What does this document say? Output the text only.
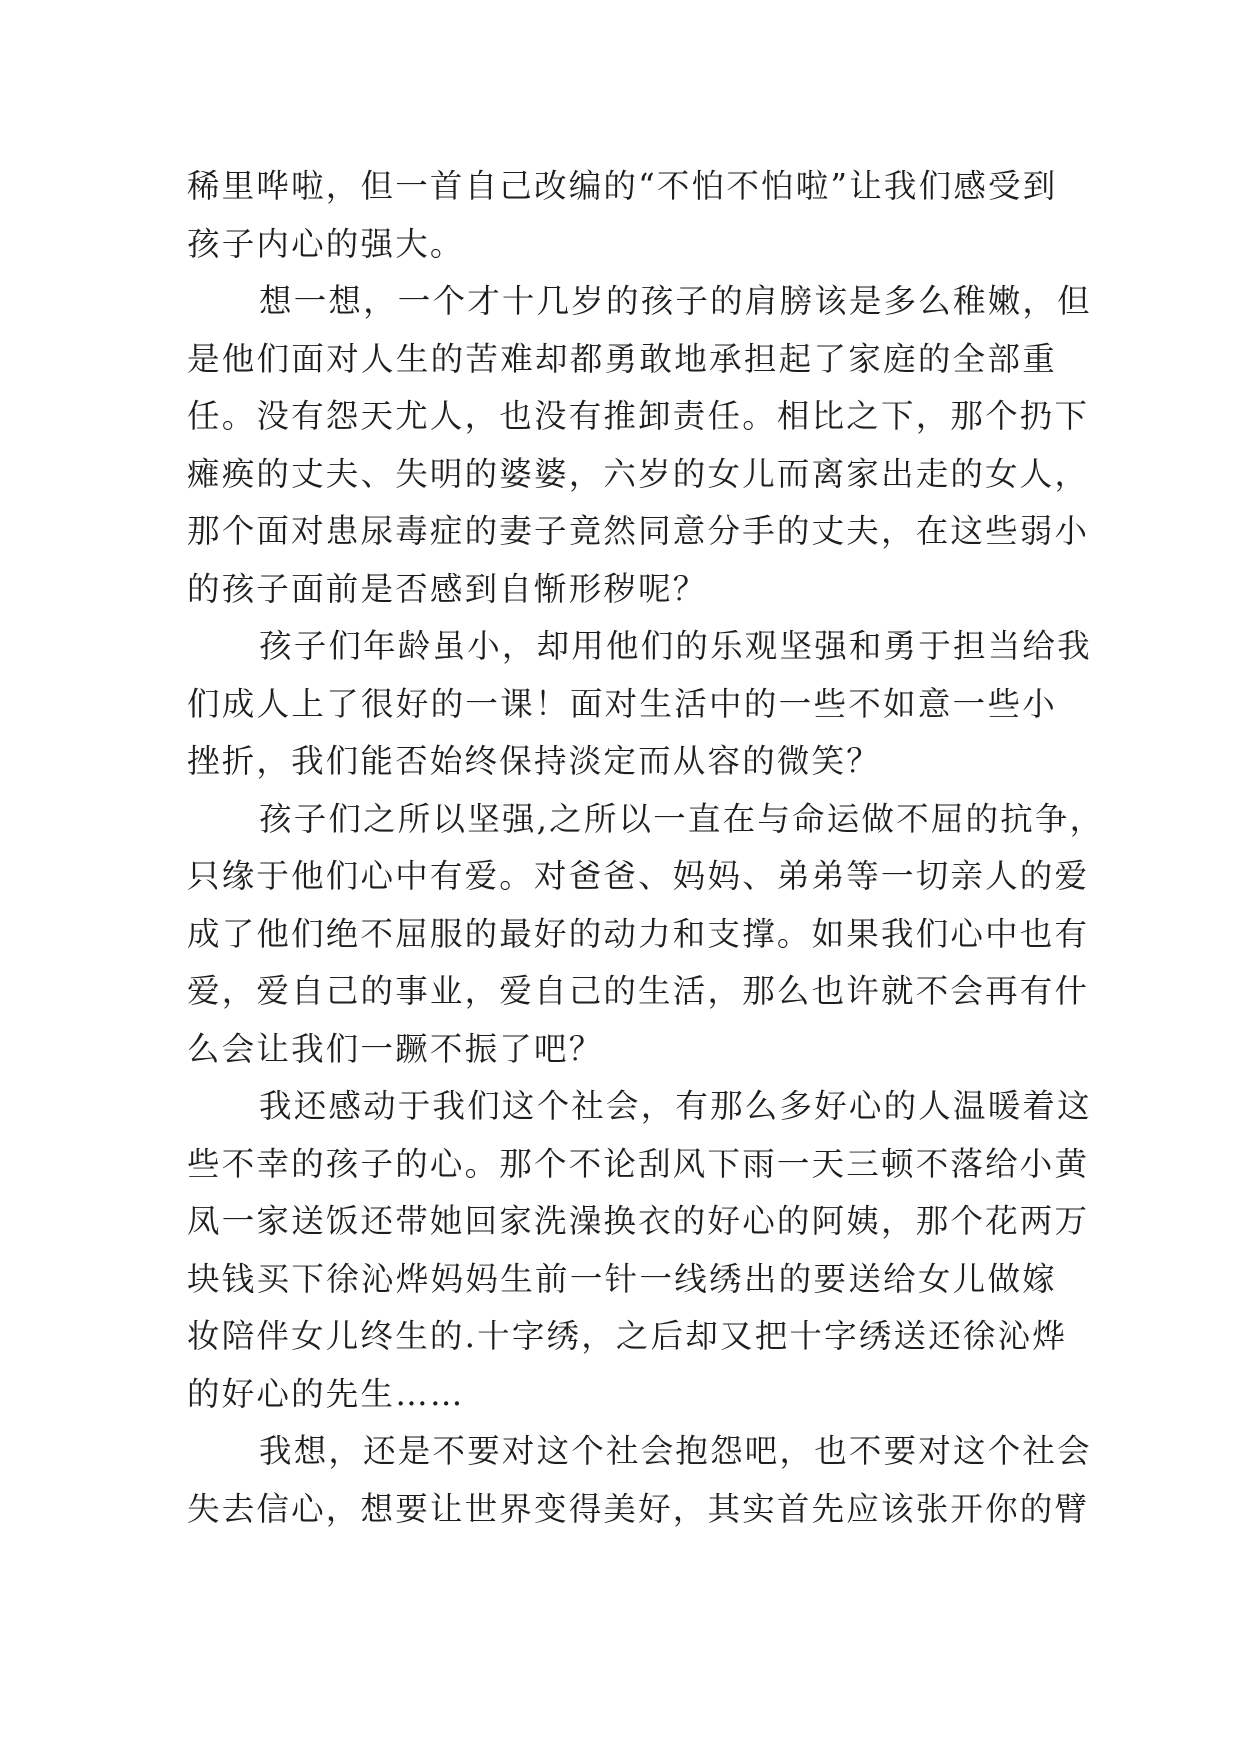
稀里哗啦，但一首自己改编的“不怕不怕啦”让我们感受到
孩子内心的强大。
想一想，一个才十几岁的孩子的肩膀该是多么稚嫩，但
是他们面对人生的苦难却都勇敢地承担起了家庭的全部重
任。没有怨天尤人，也没有推卸责任。相比之下，那个扔下
瘫痪的丈夫、失明的婆婆，六岁的女儿而离家出走的女人，
那个面对患尿毒症的妻子竟然同意分手的丈夫，在这些弱小
的孩子面前是否感到自惭形秽呢？
孩子们年龄虽小，却用他们的乐观坚强和勇于担当给我
们成人上了很好的一课！面对生活中的一些不如意一些小
挫折，我们能否始终保持淡定而从容的微笑？
孩子们之所以坚强,之所以一直在与命运做不屈的抗争，
只缘于他们心中有爱。对爸爸、妈妈、弟弟等一切亲人的爱
成了他们绝不屈服的最好的动力和支撑。如果我们心中也有
爱，爱自己的事业，爱自己的生活，那么也许就不会再有什
么会让我们一蹶不振了吧？
我还感动于我们这个社会，有那么多好心的人温暖着这
些不幸的孩子的心。那个不论刮风下雨一天三顿不落给小黄
凤一家送饭还带她回家洗澡换衣的好心的阿姨，那个花两万
块钱买下徐沁烨妈妈生前一针一线绣出的要送给女儿做嫁
妆陪伴女儿终生的.十字绣，之后却又把十字绣送还徐沁烨
的好心的先生……
我想，还是不要对这个社会抱怨吧，也不要对这个社会
失去信心，想要让世界变得美好，其实首先应该张开你的臂
